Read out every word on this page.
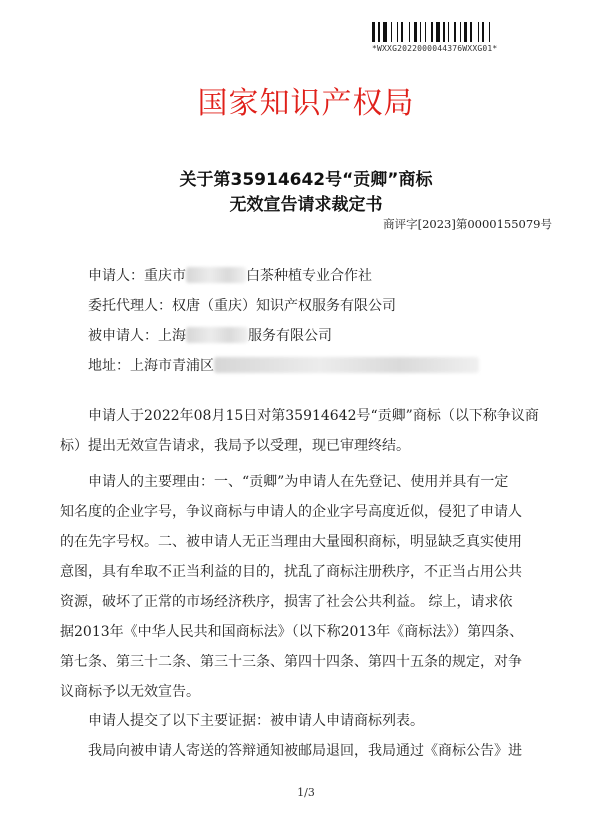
*WXXG2022000044376WXXG01*
国家知识产权局
关于第35914642号“贡卿”商标
无效宣告请求裁定书
商评字[2023]第0000155079号
申请人：重庆市	白茶种植专业合作社
委托代理人：权唐（重庆）知识产权服务有限公司
被申请人：上海	服务有限公司
地址：上海市青浦区
申请人于2022年08月15日对第35914642号“贡卿”商标（以下称争议商
标）提出无效宣告请求，我局予以受理，现已审理终结。
申请人的主要理由：一、“贡卿”为申请人在先登记、使用并具有一定
知名度的企业字号，争议商标与申请人的企业字号高度近似，侵犯了申请人
的在先字号权。二、被申请人无正当理由大量囤积商标，明显缺乏真实使用
意图，具有牟取不正当利益的目的，扰乱了商标注册秩序，不正当占用公共
资源，破坏了正常的市场经济秩序，损害了社会公共利益。 综上，请求依
据2013年《中华人民共和国商标法》（以下称2013年《商标法》）第四条、
第七条、第三十二条、第三十三条、第四十四条、第四十五条的规定，对争
议商标予以无效宣告。
申请人提交了以下主要证据：被申请人申请商标列表。
我局向被申请人寄送的答辩通知被邮局退回，我局通过《商标公告》进
1/3
